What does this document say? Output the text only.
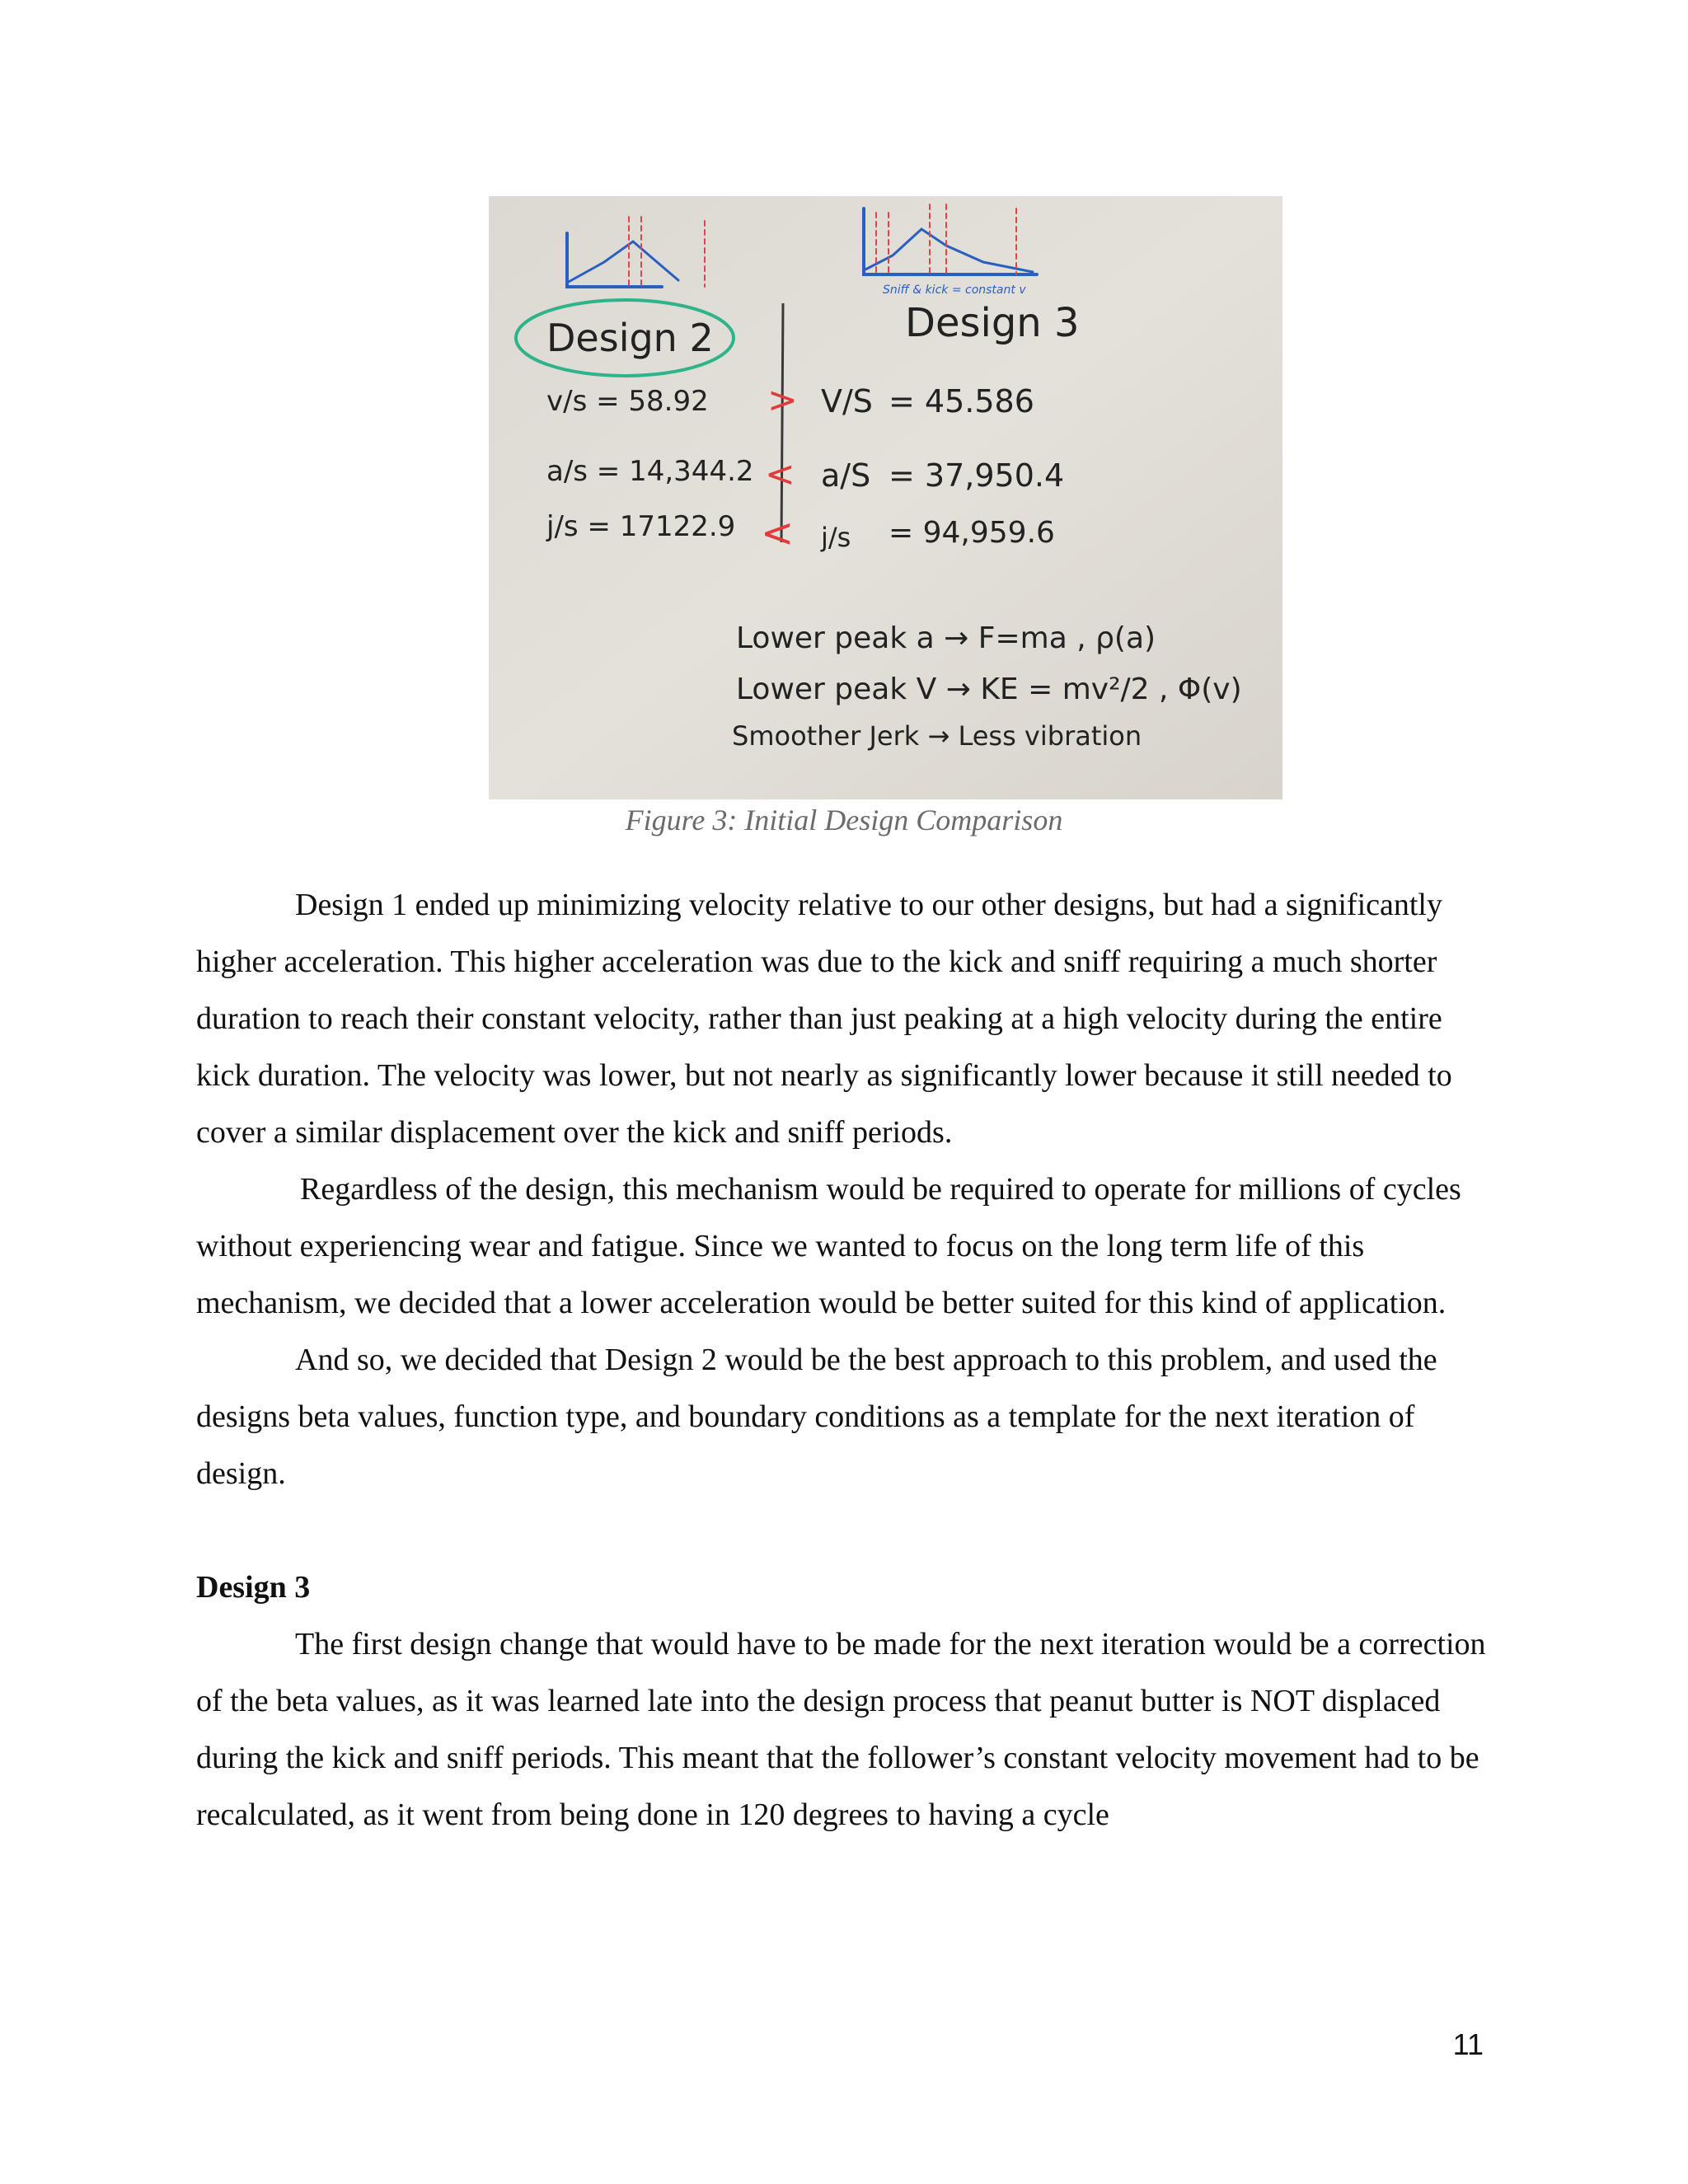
Sniff & kick = constant v
Design 2	Design 3
v/s = 58.92 > V/S = 45.586
a/s = 14,344.2 < a/S = 37,950.4
j/s = 17122.9 < j/s = 94,959.6
Lower peak a → F=ma , ρ(a)
Lower peak V → KE = mv²/2 , Φ(v)
Smoother Jerk → Less vibration
Figure 3: Initial Design Comparison

Design 1 ended up minimizing velocity relative to our other designs, but had a significantly higher acceleration. This higher acceleration was due to the kick and sniff requiring a much shorter duration to reach their constant velocity, rather than just peaking at a high velocity during the entire kick duration. The velocity was lower, but not nearly as significantly lower because it still needed to cover a similar displacement over the kick and sniff periods.

Regardless of the design, this mechanism would be required to operate for millions of cycles without experiencing wear and fatigue. Since we wanted to focus on the long term life of this mechanism, we decided that a lower acceleration would be better suited for this kind of application.

And so, we decided that Design 2 would be the best approach to this problem, and used the designs beta values, function type, and boundary conditions as a template for the next iteration of design.

Design 3

The first design change that would have to be made for the next iteration would be a correction of the beta values, as it was learned late into the design process that peanut butter is NOT displaced during the kick and sniff periods. This meant that the follower’s constant velocity movement had to be recalculated, as it went from being done in 120 degrees to having a cycle

11
